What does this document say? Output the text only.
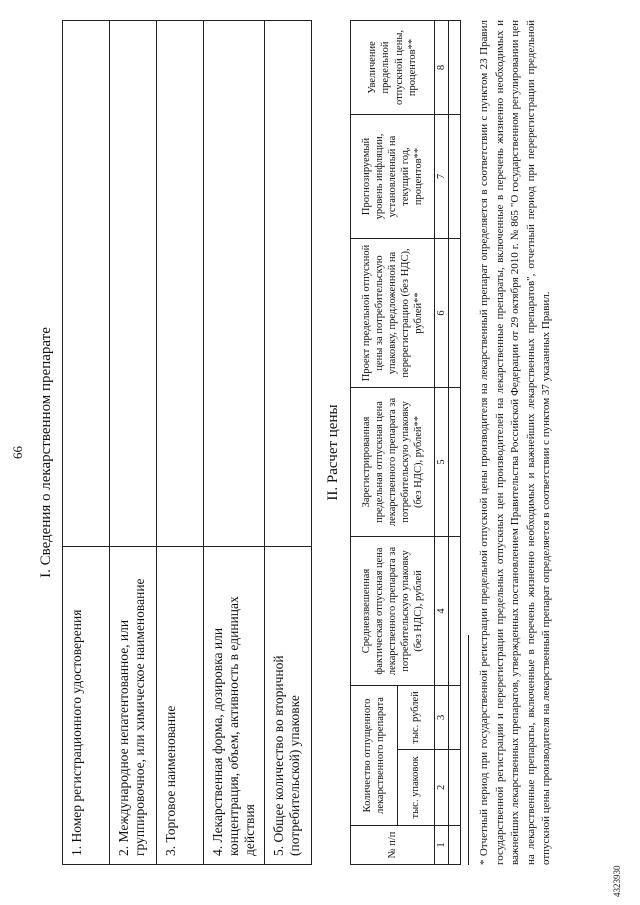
66 I. Сведения о лекарственном препарате
1. Номер регистрационного удостоверения	
2. Международное непатентованное, или группировочное, или химическое наименование	
3. Торговое наименование	
4. Лекарственная форма, дозировка или концентрация, объем, активность в единицах действия	
5. Общее количество во вторичной (потребительской) упаковке	
II. Расчет цены
№ п/п	Количество отпущенного лекарственного препарата		Средневзвешенная фактическая отпускная цена лекарственного препарата за потребительскую упаковку (без НДС), рублей	Зарегистрированная предельная отпускная цена лекарственного препарата за потребительскую упаковку (без НДС), рублей**	Проект предельной отпускной цены за потребительскую упаковку, предложенной на перерегистрацию (без НДС), рублей**	Прогнозируемый уровень инфляции, установленный на текущий год, процентов**	Увеличение предельной отпускной цены, процентов**
	тыс. упаковок	тыс. рублей					
1	2	3	4	5	6	7	8
								* Отчетный период при государственной регистрации предельной отпускной цены производителя на лекарственный препарат определяется в соответствии с пунктом 23 Правил государственной регистрации и перерегистрации предельных отпускных цен производителей на лекарственные препараты, включенные в перечень жизненно необходимых и важнейших лекарственных препаратов, утвержденных постановлением Правительства Российской Федерации от 29 октября 2010 г. № 865 "О государственном регулировании цен на лекарственные препараты, включенные в перечень жизненно необходимых и важнейших лекарственных препаратов", отчетный период при перерегистрации предельной отпускной цены производителя на лекарственный препарат определяется в соответствии с пунктом 37 указанных Правил.
4323930
